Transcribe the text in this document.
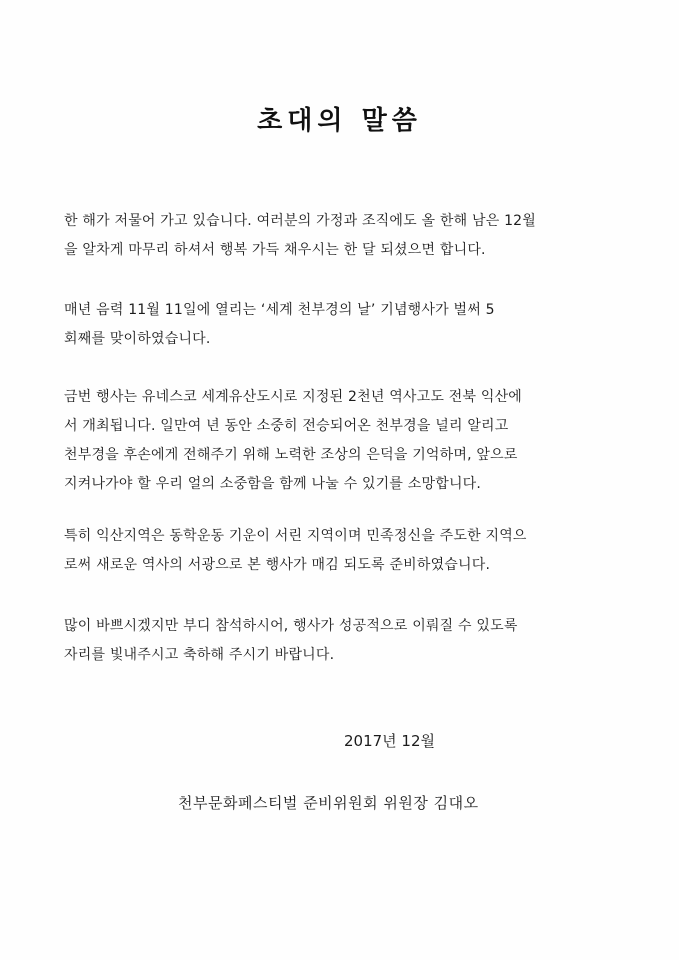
초대의 말씀
한 해가 저물어 가고 있습니다. 여러분의 가정과 조직에도 올 한해 남은 12월
을 알차게 마무리 하셔서 행복 가득 채우시는 한 달 되셨으면 합니다.
매년 음력 11월 11일에 열리는 ‘세계 천부경의 날’ 기념행사가 벌써 5
회째를 맞이하였습니다.
금번 행사는 유네스코 세계유산도시로 지정된 2천년 역사고도 전북 익산에
서 개최됩니다. 일만여 년 동안 소중히 전승되어온 천부경을 널리 알리고
천부경을 후손에게 전해주기 위해 노력한 조상의 은덕을 기억하며, 앞으로
지켜나가야 할 우리 얼의 소중함을 함께 나눌 수 있기를 소망합니다.
특히 익산지역은 동학운동 기운이 서린 지역이며 민족정신을 주도한 지역으
로써 새로운 역사의 서광으로 본 행사가 매김 되도록 준비하였습니다.
많이 바쁘시겠지만 부디 참석하시어, 행사가 성공적으로 이뤄질 수 있도록
자리를 빛내주시고 축하해 주시기 바랍니다.
2017년 12월
천부문화페스티벌 준비위원회 위원장 김대오
